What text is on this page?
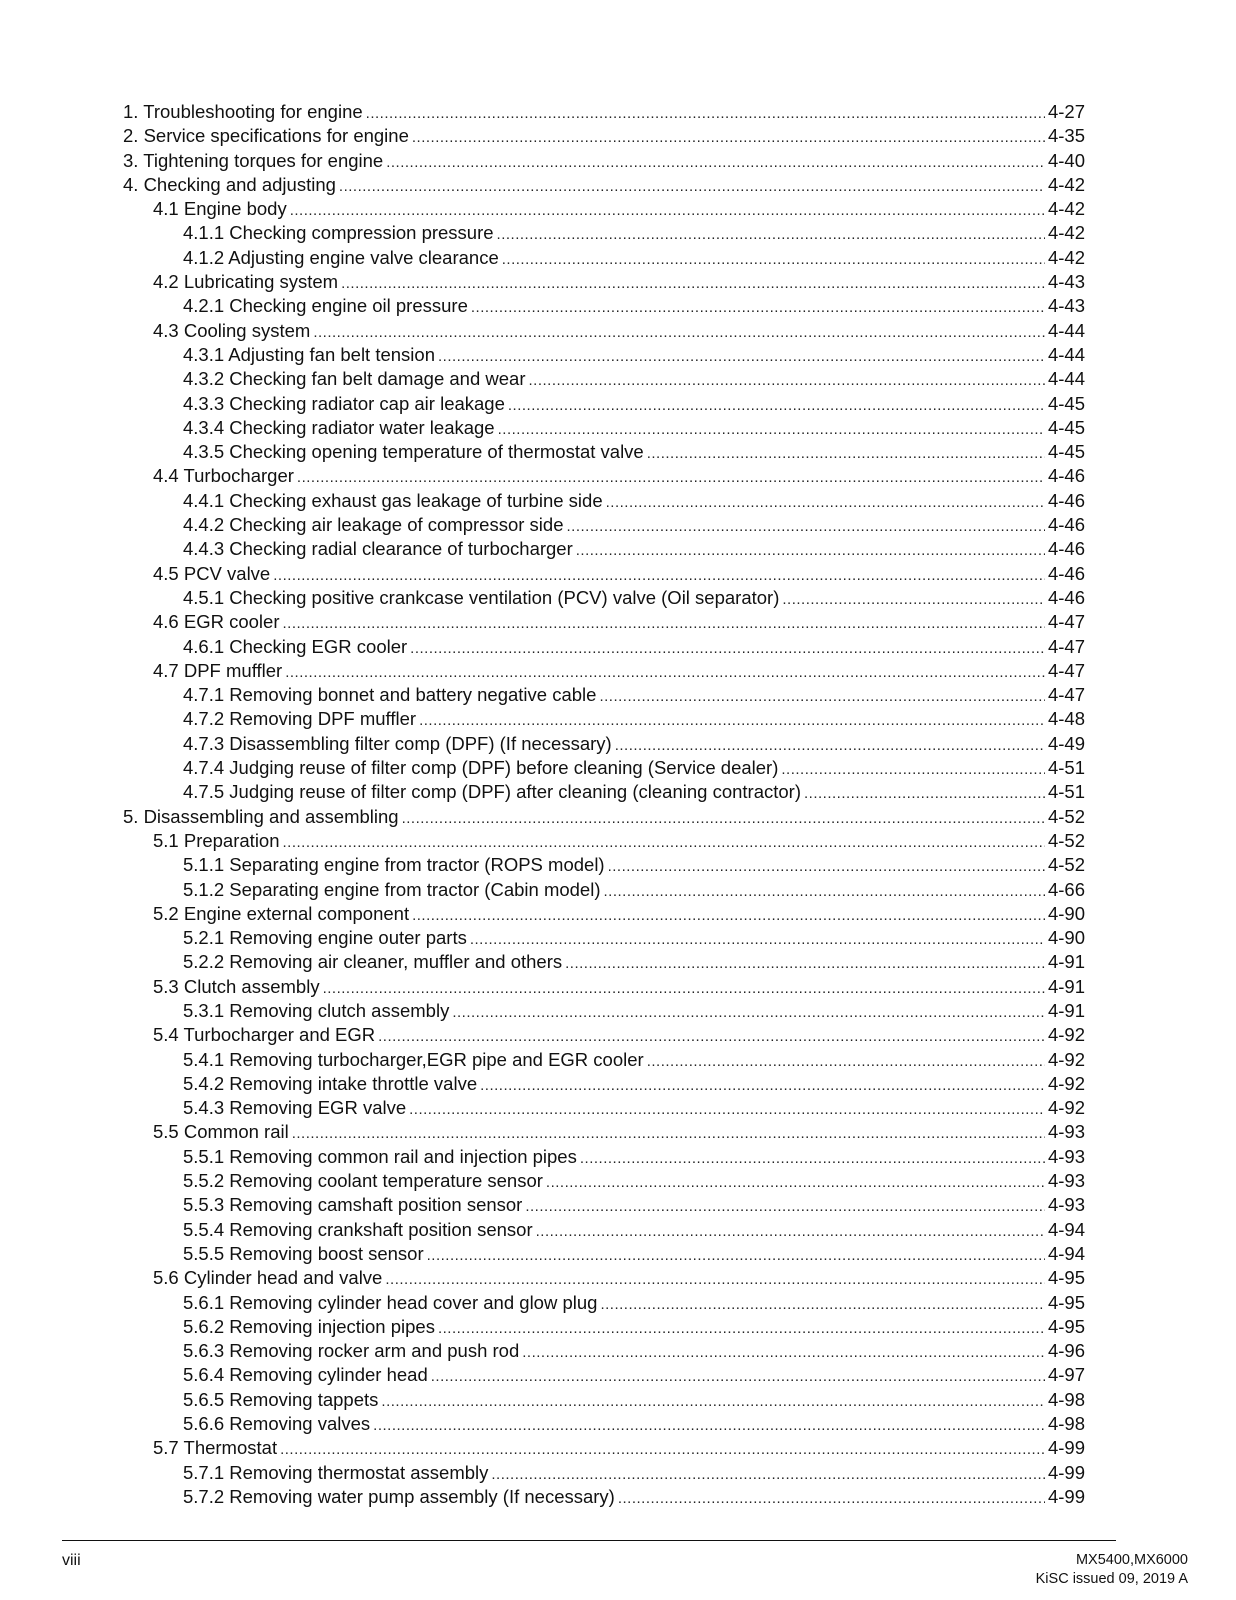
1. Troubleshooting for engine .....	4-27
2. Service specifications for engine .....	4-35
3. Tightening torques for engine .....	4-40
4. Checking and adjusting .....	4-42
4.1 Engine body .....	4-42
4.1.1 Checking compression pressure .....	4-42
4.1.2 Adjusting engine valve clearance .....	4-42
4.2 Lubricating system .....	4-43
4.2.1 Checking engine oil pressure .....	4-43
4.3 Cooling system .....	4-44
4.3.1 Adjusting fan belt tension .....	4-44
4.3.2 Checking fan belt damage and wear .....	4-44
4.3.3 Checking radiator cap air leakage .....	4-45
4.3.4 Checking radiator water leakage .....	4-45
4.3.5 Checking opening temperature of thermostat valve .....	4-45
4.4 Turbocharger .....	4-46
4.4.1 Checking exhaust gas leakage of turbine side .....	4-46
4.4.2 Checking air leakage of compressor side .....	4-46
4.4.3 Checking radial clearance of turbocharger .....	4-46
4.5 PCV valve .....	4-46
4.5.1 Checking positive crankcase ventilation (PCV) valve (Oil separator) .....	4-46
4.6 EGR cooler .....	4-47
4.6.1 Checking EGR cooler .....	4-47
4.7 DPF muffler .....	4-47
4.7.1 Removing bonnet and battery negative cable .....	4-47
4.7.2 Removing DPF muffler .....	4-48
4.7.3 Disassembling filter comp (DPF) (If necessary) .....	4-49
4.7.4 Judging reuse of filter comp (DPF) before cleaning (Service dealer) .....	4-51
4.7.5 Judging reuse of filter comp (DPF) after cleaning (cleaning contractor) .....	4-51
5. Disassembling and assembling .....	4-52
5.1 Preparation .....	4-52
5.1.1 Separating engine from tractor (ROPS model) .....	4-52
5.1.2 Separating engine from tractor (Cabin model) .....	4-66
5.2 Engine external component .....	4-90
5.2.1 Removing engine outer parts .....	4-90
5.2.2 Removing air cleaner, muffler and others .....	4-91
5.3 Clutch assembly .....	4-91
5.3.1 Removing clutch assembly .....	4-91
5.4 Turbocharger and EGR .....	4-92
5.4.1 Removing turbocharger,EGR pipe and EGR cooler .....	4-92
5.4.2 Removing intake throttle valve .....	4-92
5.4.3 Removing EGR valve .....	4-92
5.5 Common rail .....	4-93
5.5.1 Removing common rail and injection pipes .....	4-93
5.5.2 Removing coolant temperature sensor .....	4-93
5.5.3 Removing camshaft position sensor .....	4-93
5.5.4 Removing crankshaft position sensor .....	4-94
5.5.5 Removing boost sensor .....	4-94
5.6 Cylinder head and valve .....	4-95
5.6.1 Removing cylinder head cover and glow plug .....	4-95
5.6.2 Removing injection pipes .....	4-95
5.6.3 Removing rocker arm and push rod .....	4-96
5.6.4 Removing cylinder head .....	4-97
5.6.5 Removing tappets .....	4-98
5.6.6 Removing valves .....	4-98
5.7 Thermostat .....	4-99
5.7.1 Removing thermostat assembly .....	4-99
5.7.2 Removing water pump assembly (If necessary) .....	4-99
viii	MX5400,MX6000
KiSC issued 09, 2019 A
